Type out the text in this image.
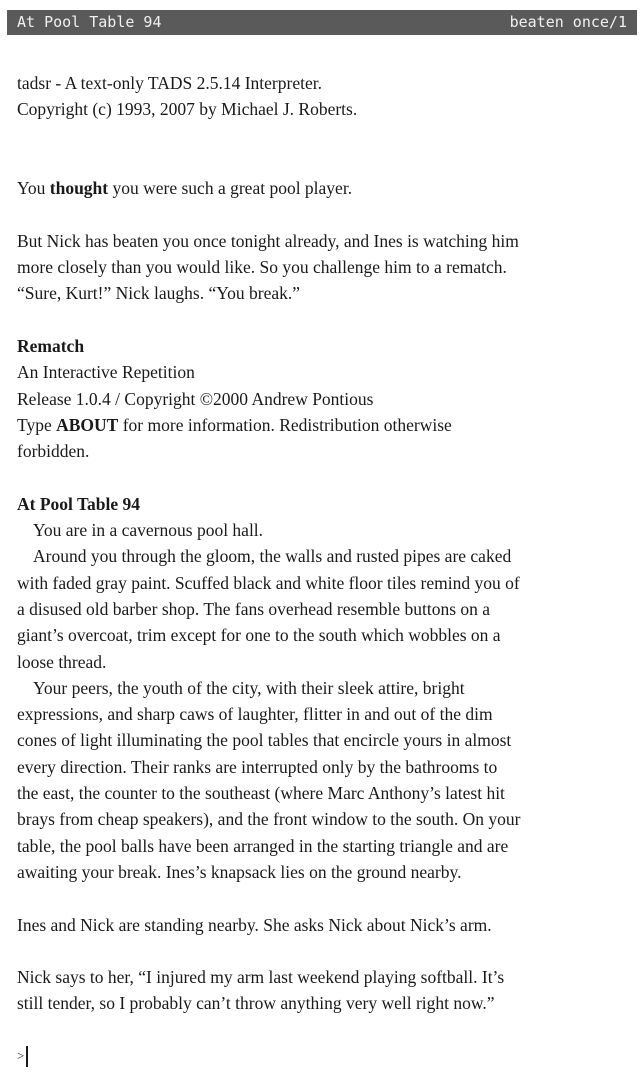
At Pool Table 94	beaten once/1

tadsr - A text-only TADS 2.5.14 Interpreter.

Copyright (c) 1993, 2007 by Michael J. Roberts.

You thought you were such a great pool player.

But Nick has beaten you once tonight already, and Ines is watching him

more closely than you would like. So you challenge him to a rematch.

“Sure, Kurt!” Nick laughs. “You break.”

Rematch

An Interactive Repetition

Release 1.0.4 / Copyright ©2000 Andrew Pontious

Type ABOUT for more information. Redistribution otherwise

forbidden.

At Pool Table 94

You are in a cavernous pool hall.

Around you through the gloom, the walls and rusted pipes are caked

with faded gray paint. Scuffed black and white floor tiles remind you of

a disused old barber shop. The fans overhead resemble buttons on a

giant’s overcoat, trim except for one to the south which wobbles on a

loose thread.

Your peers, the youth of the city, with their sleek attire, bright

expressions, and sharp caws of laughter, flitter in and out of the dim

cones of light illuminating the pool tables that encircle yours in almost

every direction. Their ranks are interrupted only by the bathrooms to

the east, the counter to the southeast (where Marc Anthony’s latest hit

brays from cheap speakers), and the front window to the south. On your

table, the pool balls have been arranged in the starting triangle and are

awaiting your break. Ines’s knapsack lies on the ground nearby.

Ines and Nick are standing nearby. She asks Nick about Nick’s arm.

Nick says to her, “I injured my arm last weekend playing softball. It’s

still tender, so I probably can’t throw anything very well right now.”

>
